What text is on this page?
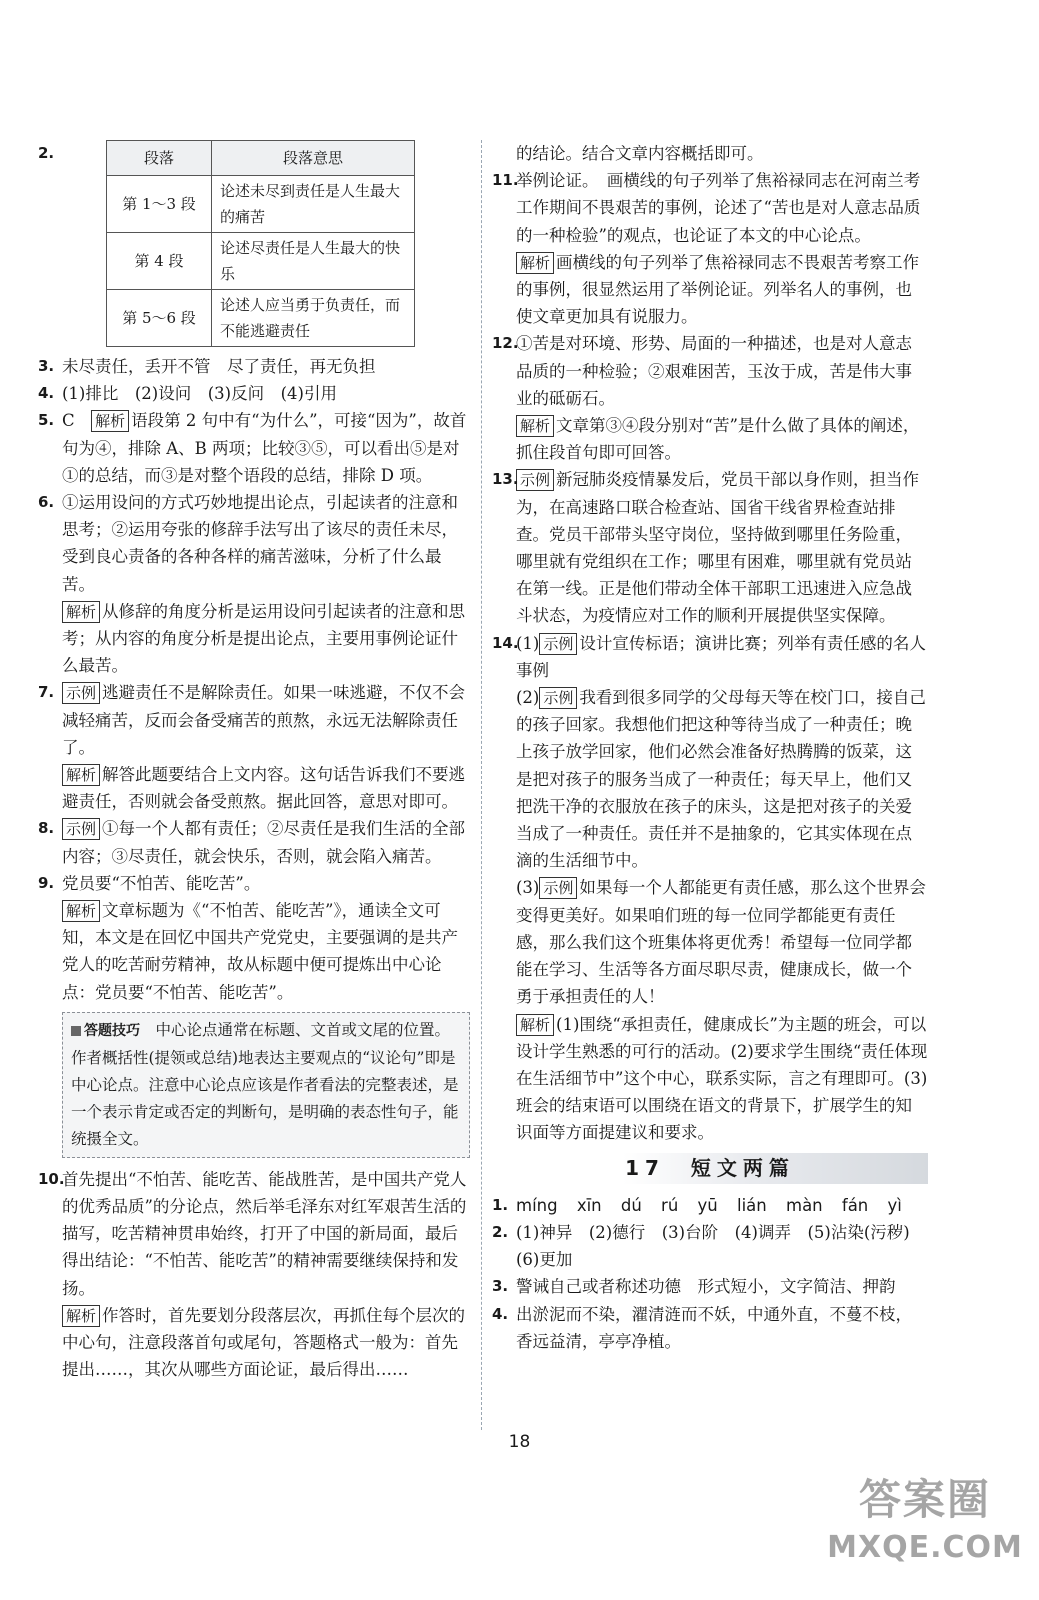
2.	段落	段落意思
第 1～3 段	论述未尽到责任是人生最大的痛苦
第 4 段	论述尽责任是人生最大的快乐
第 5～6 段	论述人应当勇于负责任，而不能逃避责任
3. 未尽责任，丢开不管　尽了责任，再无负担
4. (1)排比　(2)设问　(3)反问　(4)引用
5. C　解析 语段第 2 句中有“为什么”，可接“因为”，故首句为④，排除 A、B 两项；比较③⑤，可以看出⑤是对①的总结，而③是对整个语段的总结，排除 D 项。
6. ①运用设问的方式巧妙地提出论点，引起读者的注意和思考；②运用夸张的修辞手法写出了该尽的责任未尽，受到良心责备的各种各样的痛苦滋味，分析了什么最苦。
解析 从修辞的角度分析是运用设问引起读者的注意和思考；从内容的角度分析是提出论点，主要用事例论证什么最苦。
7. 示例 逃避责任不是解除责任。如果一味逃避，不仅不会减轻痛苦，反而会备受痛苦的煎熬，永远无法解除责任了。
解析 解答此题要结合上文内容。这句话告诉我们不要逃避责任，否则就会备受煎熬。据此回答，意思对即可。
8. 示例 ①每一个人都有责任；②尽责任是我们生活的全部内容；③尽责任，就会快乐，否则，就会陷入痛苦。
9. 党员要“不怕苦、能吃苦”。
解析 文章标题为《“不怕苦、能吃苦”》，通读全文可知，本文是在回忆中国共产党党史，主要强调的是共产党人的吃苦耐劳精神，故从标题中便可提炼出中心论点：党员要“不怕苦、能吃苦”。
答题技巧　 中心论点通常在标题、文首或文尾的位置。作者概括性(提领或总结)地表达主要观点的“议论句”即是中心论点。注意中心论点应该是作者看法的完整表述，是一个表示肯定或否定的判断句，是明确的表态性句子，能统摄全文。
10.
首先提出“不怕苦、能吃苦、能战胜苦，是中国共产党人的优秀品质”的分论点，然后举毛泽东对红军艰苦生活的描写，吃苦精神贯串始终，打开了中国的新局面，最后得出结论：“不怕苦、能吃苦”的精神需要继续保持和发扬。
解析 作答时，首先要划分段落层次，再抓住每个层次的中心句，注意段落首句或尾句，答题格式一般为：首先提出……，其次从哪些方面论证，最后得出……
的结论。结合文章内容概括即可。
11.
举例论证。　画横线的句子列举了焦裕禄同志在河南兰考工作期间不畏艰苦的事例，论述了“苦也是对人意志品质的一种检验”的观点，也论证了本文的中心论点。
解析 画横线的句子列举了焦裕禄同志不畏艰苦考察工作的事例，很显然运用了举例论证。列举名人的事例，也使文章更加具有说服力。
12.
①苦是对环境、形势、局面的一种描述，也是对人意志品质的一种检验；②艰难困苦，玉汝于成，苦是伟大事业的砥砺石。
解析 文章第③④段分别对“苦”是什么做了具体的阐述，抓住段首句即可回答。
13. 示例 新冠肺炎疫情暴发后，党员干部以身作则，担当作为，在高速路口联合检查站、国省干线省界检查站排查。党员干部带头坚守岗位，坚持做到哪里任务险重，哪里就有党组织在工作；哪里有困难，哪里就有党员站在第一线。正是他们带动全体干部职工迅速进入应急战斗状态，为疫情应对工作的顺利开展提供坚实保障。
14.
(1) 示例 设计宣传标语；演讲比赛；列举有责任感的名人事例
(2) 示例 我看到很多同学的父母每天等在校门口，接自己的孩子回家。我想他们把这种等待当成了一种责任；晚上孩子放学回家，他们必然会准备好热腾腾的饭菜，这是把对孩子的服务当成了一种责任；每天早上，他们又把洗干净的衣服放在孩子的床头，这是把对孩子的关爱当成了一种责任。责任并不是抽象的，它其实体现在点滴的生活细节中。
(3) 示例 如果每一个人都能更有责任感，那么这个世界会变得更美好。如果咱们班的每一位同学都能更有责任感，那么我们这个班集体将更优秀！希望每一位同学都能在学习、生活等各方面尽职尽责，健康成长，做一个勇于承担责任的人！
解析 (1)围绕“承担责任，健康成长”为主题的班会，可以设计学生熟悉的可行的活动。(2)要求学生围绕“责任体现在生活细节中”这个中心，联系实际，言之有理即可。(3)班会的结束语可以围绕在语文的背景下，扩展学生的知识面等方面提建议和要求。
17　短文两篇
1. míng xīn dú rú yū lián màn fán yì
2. (1)神异　(2)德行　(3)台阶　(4)调弄　(5)沾染(污秽)　(6)更加
3. 警诫自己或者称述功德　形式短小，文字简洁、押韵
4. 出淤泥而不染，濯清涟而不妖，中通外直，不蔓不枝，香远益清，亭亭净植。
18
答案圈
MXQE.COM
